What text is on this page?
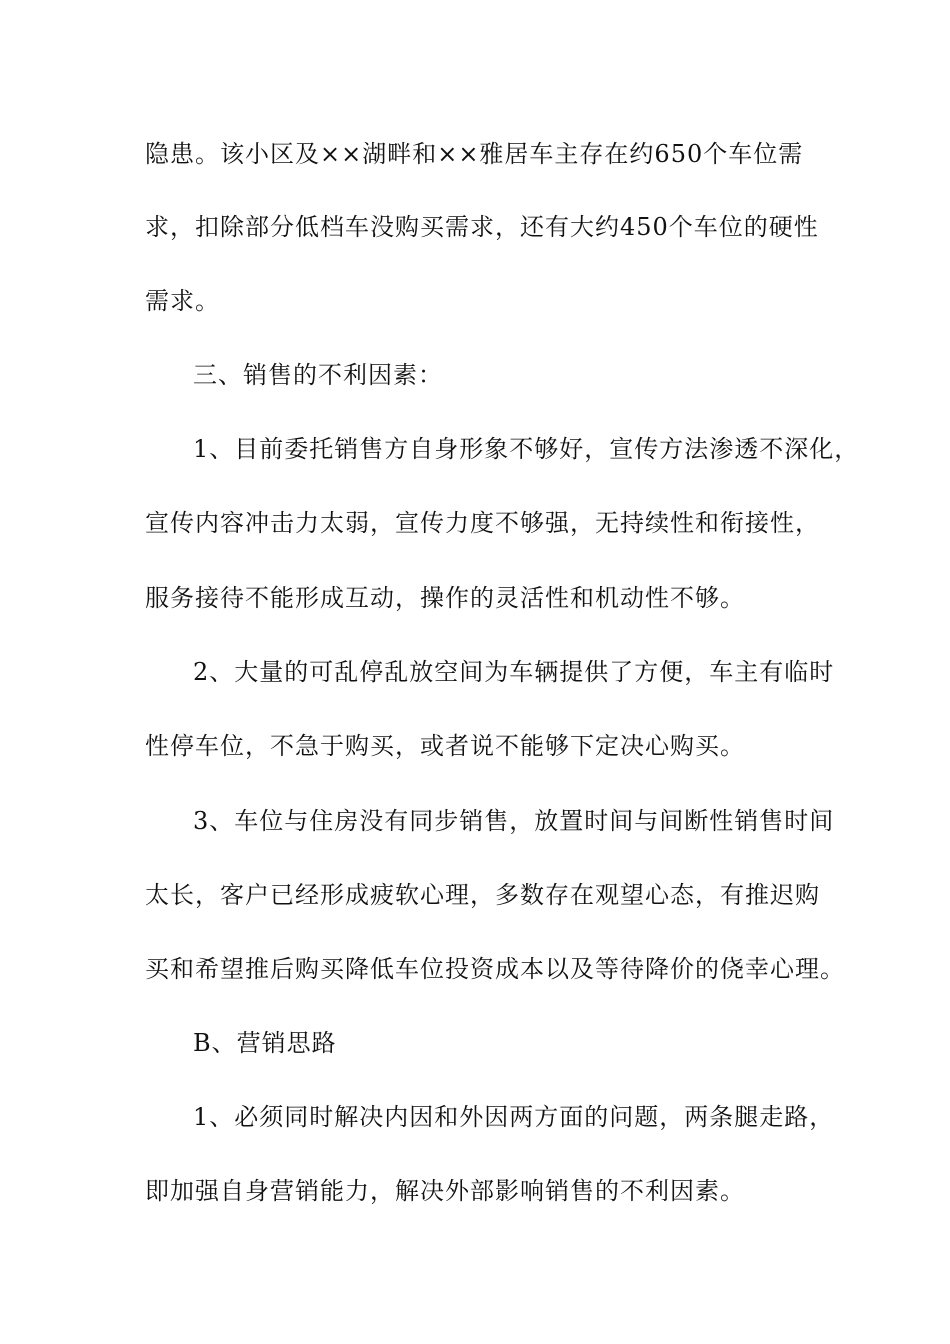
隐患。该小区及××湖畔和××雅居车主存在约650个车位需
求，扣除部分低档车没购买需求，还有大约450个车位的硬性
需求。
三、销售的不利因素：
1、目前委托销售方自身形象不够好，宣传方法渗透不深化，
宣传内容冲击力太弱，宣传力度不够强，无持续性和衔接性，
服务接待不能形成互动，操作的灵活性和机动性不够。
2、大量的可乱停乱放空间为车辆提供了方便，车主有临时
性停车位，不急于购买，或者说不能够下定决心购买。
3、车位与住房没有同步销售，放置时间与间断性销售时间
太长，客户已经形成疲软心理，多数存在观望心态，有推迟购
买和希望推后购买降低车位投资成本以及等待降价的侥幸心理。
B、营销思路
1、必须同时解决内因和外因两方面的问题，两条腿走路，
即加强自身营销能力，解决外部影响销售的不利因素。
